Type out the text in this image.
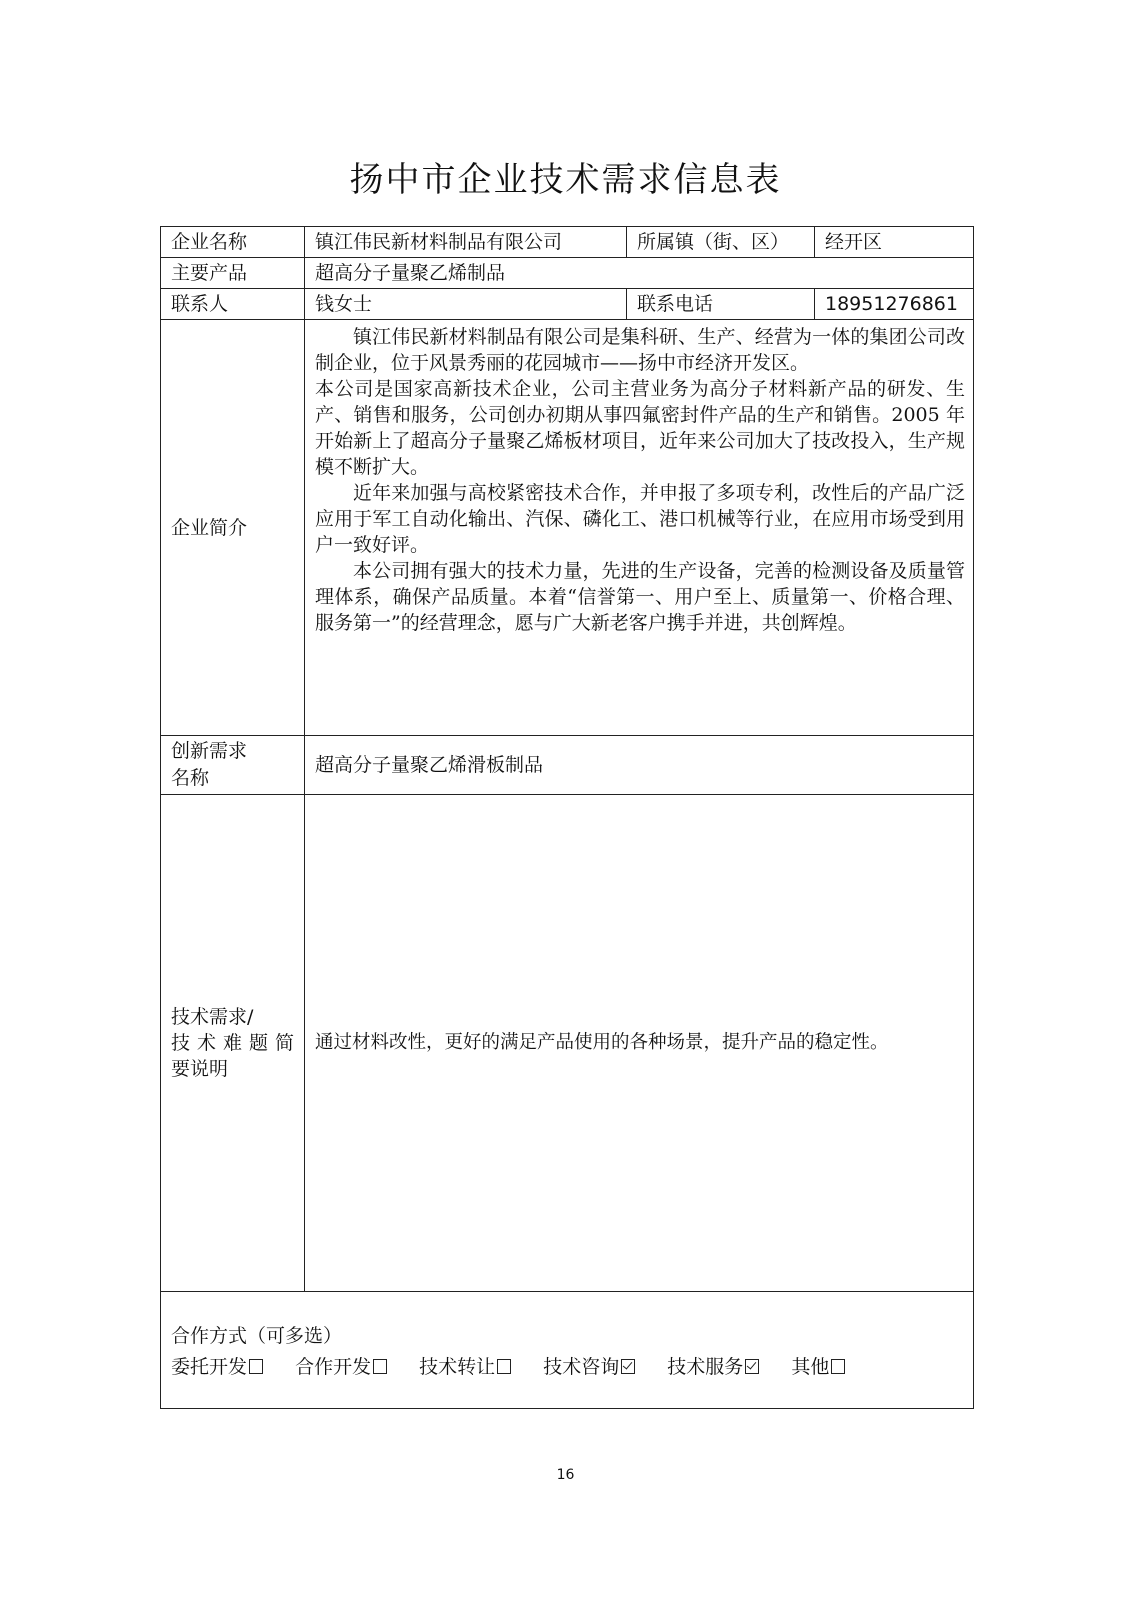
扬中市企业技术需求信息表
企业名称	镇江伟民新材料制品有限公司	所属镇（街、区）	经开区
主要产品	超高分子量聚乙烯制品		
联系人	钱女士	联系电话	18951276861
企业简介	镇江伟民新材料制品有限公司是集科研、生产、经营为一体的集团公司改制企业，位于风景秀丽的花园城市——扬中市经济开发区。

本公司是国家高新技术企业，公司主营业务为高分子材料新产品的研发、生产、销售和服务，公司创办初期从事四氟密封件产品的生产和销售。2005 年开始新上了超高分子量聚乙烯板材项目，近年来公司加大了技改投入，生产规模不断扩大。

近年来加强与高校紧密技术合作，并申报了多项专利，改性后的产品广泛应用于军工自动化输出、汽保、磷化工、港口机械等行业，在应用市场受到用户一致好评。

本公司拥有强大的技术力量，先进的生产设备，完善的检测设备及质量管理体系，确保产品质量。本着“信誉第一、用户至上、质量第一、价格合理、服务第一”的经营理念，愿与广大新老客户携手并进，共创辉煌。		

创新需求
名称	超高分子量聚乙烯滑板制品		

技术需求/
技 术 难 题 简
要说明	通过材料改性，更好的满足产品使用的各种场景，提升产品的稳定性。		

合作方式（可多选）
委托开发 合作开发 技术转让 技术咨询 技术服务 其他			
16
